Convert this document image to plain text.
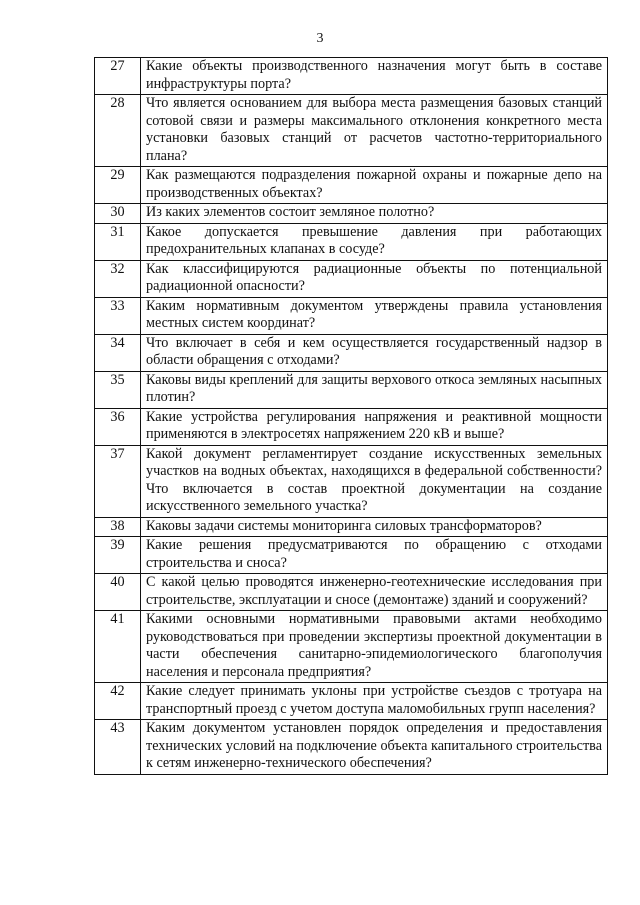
3
27	Какие объекты производственного назначения могут быть в составе инфраструктуры порта?
28	Что является основанием для выбора места размещения базовых станций сотовой связи и размеры максимального отклонения конкретного места установки базовых станций от расчетов частотно-территориального плана?
29	Как размещаются подразделения пожарной охраны и пожарные депо на производственных объектах?
30	Из каких элементов состоит земляное полотно?
31	Какое допускается превышение давления при работающих предохранительных клапанах в сосуде?
32	Как классифицируются радиационные объекты по потенциальной радиационной опасности?
33	Каким нормативным документом утверждены правила установления местных систем координат?
34	Что включает в себя и кем осуществляется государственный надзор в области обращения с отходами?
35	Каковы виды креплений для защиты верхового откоса земляных насыпных плотин?
36	Какие устройства регулирования напряжения и реактивной мощности применяются в электросетях напряжением 220 кВ и выше?
37	Какой документ регламентирует создание искусственных земельных участков на водных объектах, находящихся в федеральной собственности? Что включается в состав проектной документации на создание искусственного земельного участка?
38	Каковы задачи системы мониторинга силовых трансформаторов?
39	Какие решения предусматриваются по обращению с отходами строительства и сноса?
40	С какой целью проводятся инженерно-геотехнические исследования при строительстве, эксплуатации и сносе (демонтаже) зданий и сооружений?
41	Какими основными нормативными правовыми актами необходимо руководствоваться при проведении экспертизы проектной документации в части обеспечения санитарно-эпидемиологического благополучия населения и персонала предприятия?
42	Какие следует принимать уклоны при устройстве съездов с тротуара на транспортный проезд с учетом доступа маломобильных групп населения?
43	Каким документом установлен порядок определения и предоставления технических условий на подключение объекта капитального строительства к сетям инженерно-технического обеспечения?
